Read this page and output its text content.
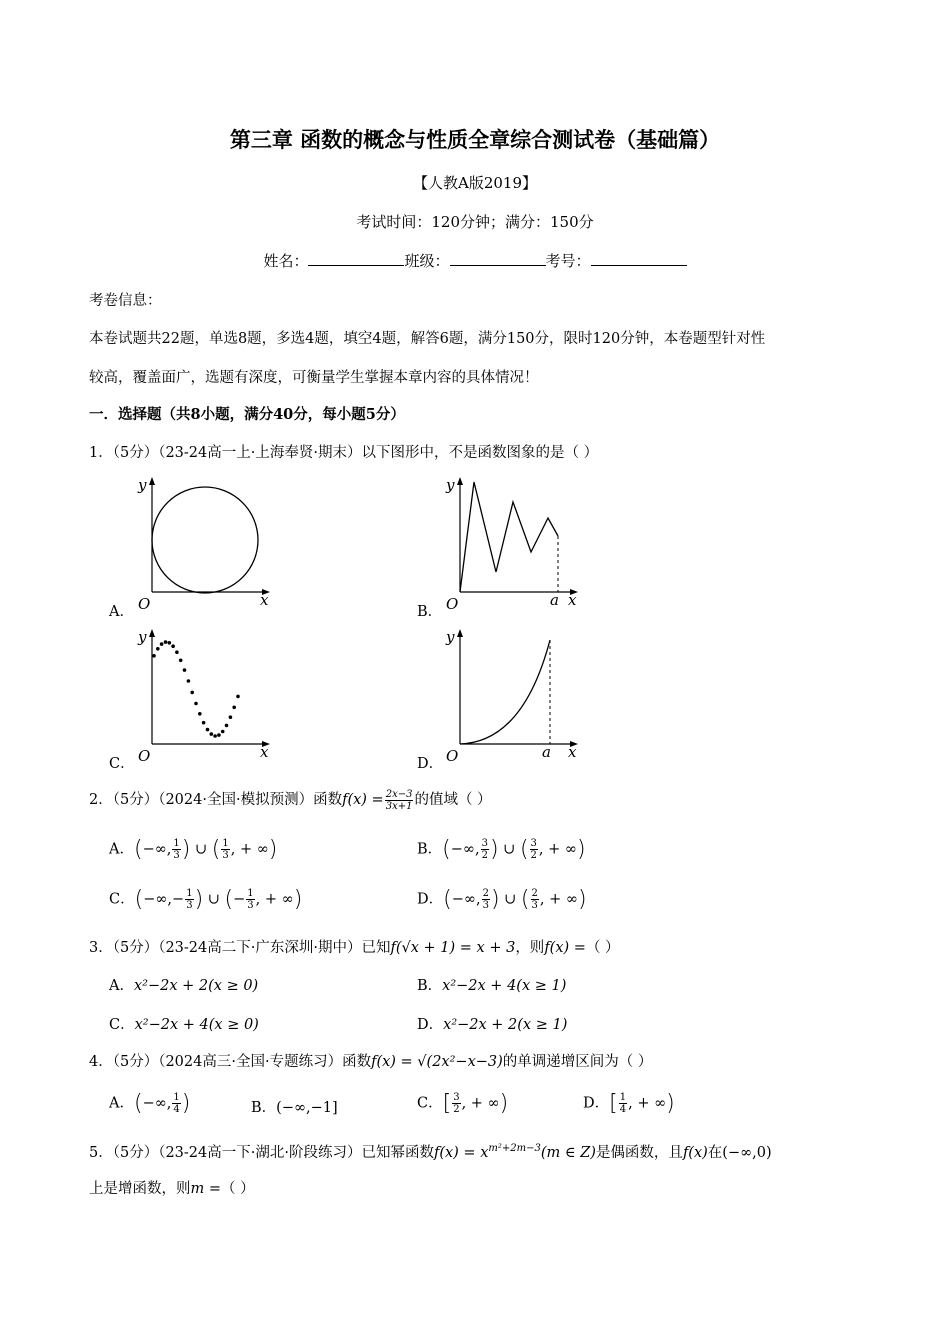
第三章 函数的概念与性质全章综合测试卷（基础篇）
【人教A版2019】
考试时间：120分钟；满分：150分
姓名：	班级：	考号：
考卷信息：
本卷试题共22题，单选8题，多选4题，填空4题，解答6题，满分150分，限时120分钟，本卷题型针对性
较高，覆盖面广，选题有深度，可衡量学生掌握本章内容的具体情况！
一．选择题（共8小题，满分40分，每小题5分）
1．（5分）（23-24高一上·上海奉贤·期末）以下图形中，不是函数图象的是（ ）
A．	B．
C．	D．
y
x
O
y
x
O	a
y
x
O
y
x
O	a
2．（5分）（2024·全国·模拟预测）函数$f(x) = \frac{2x-3}{3x+1}$ 的值域（ ）
A．(−∞, $\frac{1}{3}$ ) ∪ ( $\frac{1}{3}$ , + ∞)	B．(−∞, $\frac{3}{2}$ ) ∪ ( $\frac{3}{2}$ , + ∞)
C．(−∞,− $\frac{1}{3}$ ) ∪ (− $\frac{1}{3}$ , + ∞)	D．(−∞, $\frac{2}{3}$ ) ∪ ( $\frac{2}{3}$ , + ∞)
3．（5分）（23-24高二下·广东深圳·期中）已知f(√x + 1) = x + 3，则f(x) =（ ）
A．x²−2x + 2(x ≥ 0)	B．x²−2x + 4(x ≥ 1)
C．x²−2x + 4(x ≥ 0)	D．x²−2x + 2(x ≥ 1)
4．（5分）（2024高三·全国·专题练习）函数f(x) = √(2x²−x−3)的单调递增区间为（ ）
A．(−∞, $\frac{1}{4}$ )	B．(−∞,−1]	C．[ $\frac{3}{2}$ , + ∞)	D．[ $\frac{1}{4}$ , + ∞)
5．（5分）（23-24高一下·湖北·阶段练习）已知幂函数$f(x) = x^{m^2+2m-3}(m$ ∈ Z)是偶函数，且f(x)在(−∞,0)
上是增函数，则m =（ ）
